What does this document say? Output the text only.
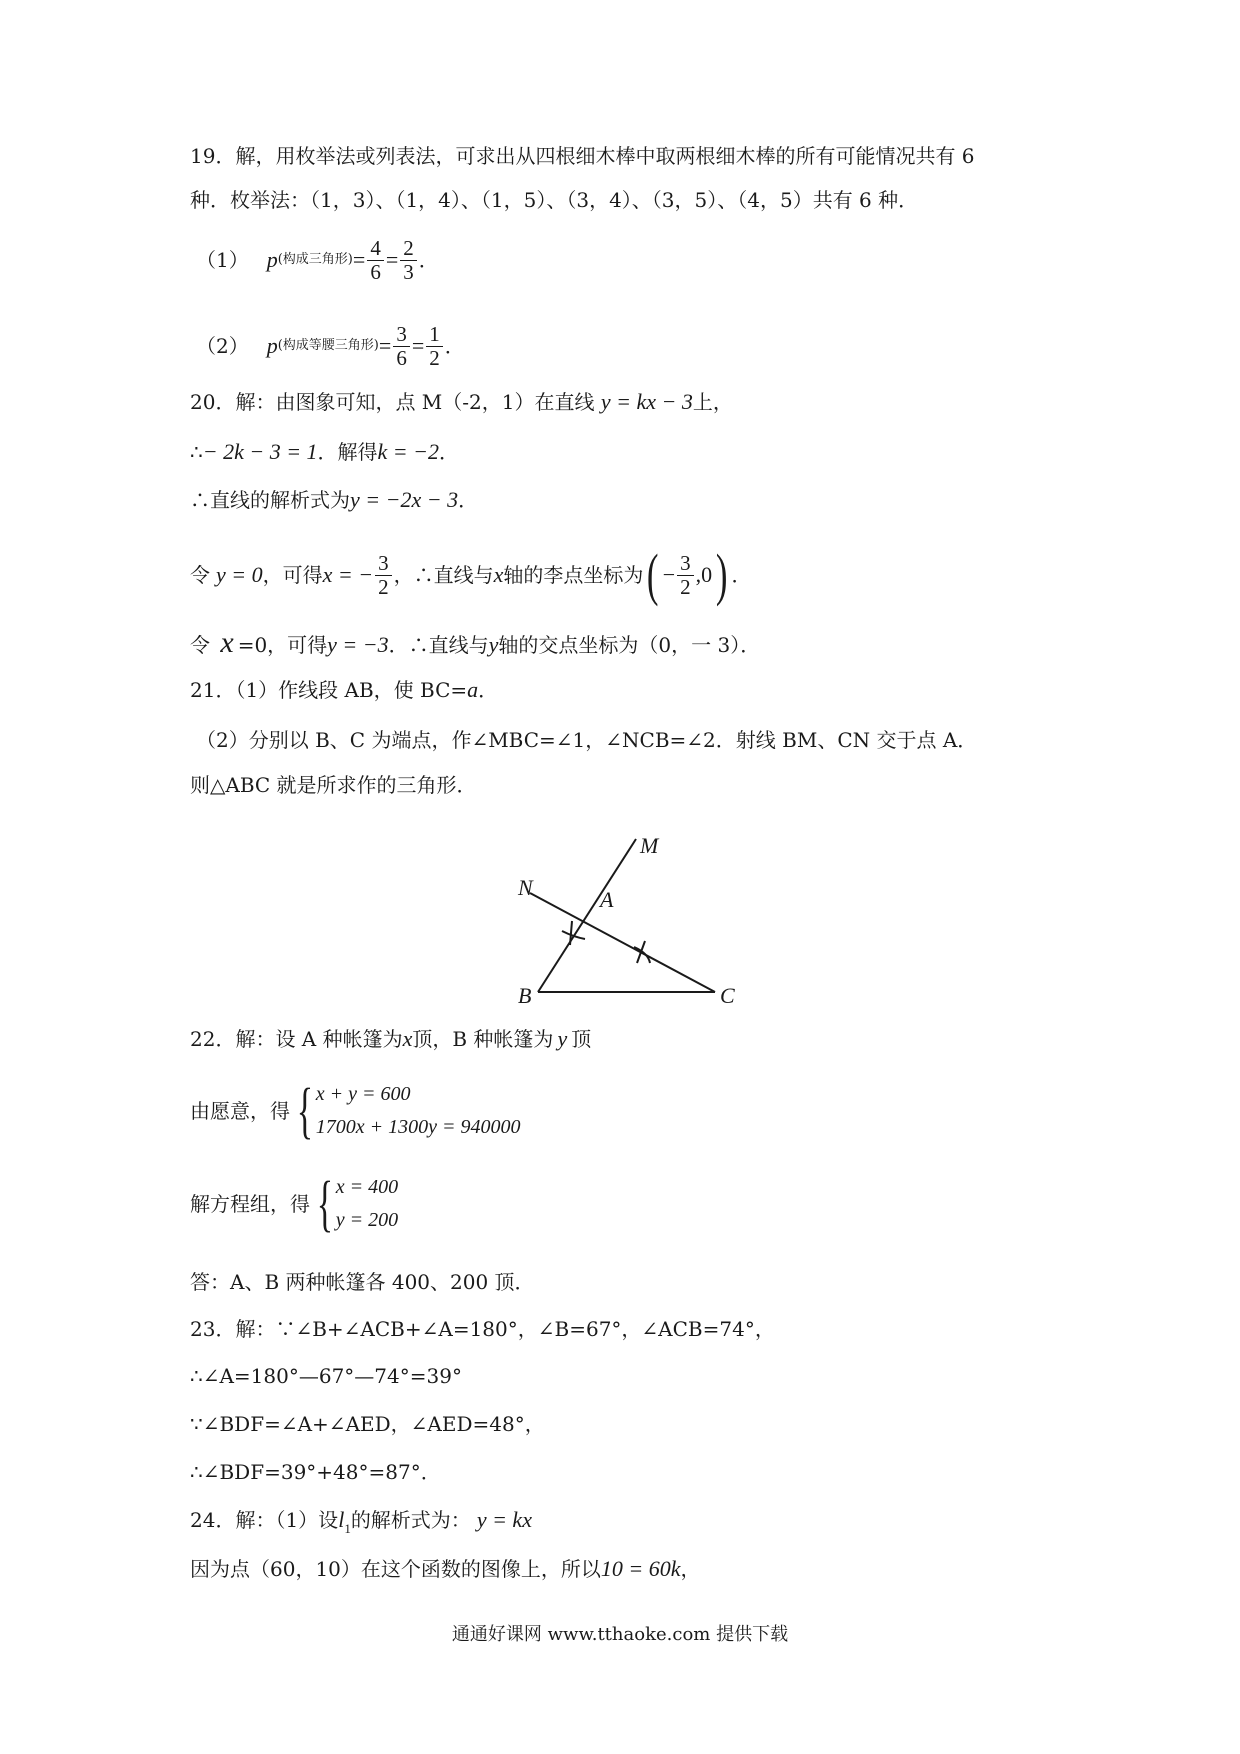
19．解，用枚举法或列表法，可求出从四根细木棒中取两根细木棒的所有可能情况共有 6
种．枚举法：（1，3）、（1，4）、（1，5）、（3，4）、（3，5）、（4，5）共有 6 种．
（1） p (构成三角形) = $\frac{4}{6} = \frac{2}{3}$ ．
（2） p (构成等腰三角形) = $\frac{3}{6} = \frac{1}{2}$ ．
20．解：由图象可知，点 M（-2，1）在直线 y = kx − 3上，
∴− 2k − 3 = 1．解得k = −2．
∴直线的解析式为y = −2x − 3．
令 y = 0 ，可得 x = − $\frac{3}{2}$ ，∴直线与 x 轴的李点坐标为 ( − $\frac{3}{2} ,0$ ) ．
令 x =0，可得y = −3．∴直线与y轴的交点坐标为（0，一 3）．
21．（1）作线段 AB，使 BC=a．
（2）分别以 B、C 为端点，作∠MBC=∠1，∠NCB=∠2．射线 BM、CN 交于点 A．
则△ABC 就是所求作的三角形．
M
N	A
B	C
22．解：设 A 种帐篷为x顶，B 种帐篷为 y 顶
由愿意，得 { x + y = 600
1700x + 1300y = 940000
解方程组，得 { x = 400
y = 200
答：A、B 两种帐篷各 400、200 顶．
23．解：∵∠B+∠ACB+∠A=180°，∠B=67°，∠ACB=74°，
∴∠A=180°—67°—74°=39°
∵∠BDF=∠A+∠AED，∠AED=48°，
∴∠BDF=39°+48°=87°．
24．解：（1）设$l_1$的解析式为： y = kx
因为点（60，10）在这个函数的图像上，所以10 = 60k，
通通好课网 www.tthaoke.com 提供下载
